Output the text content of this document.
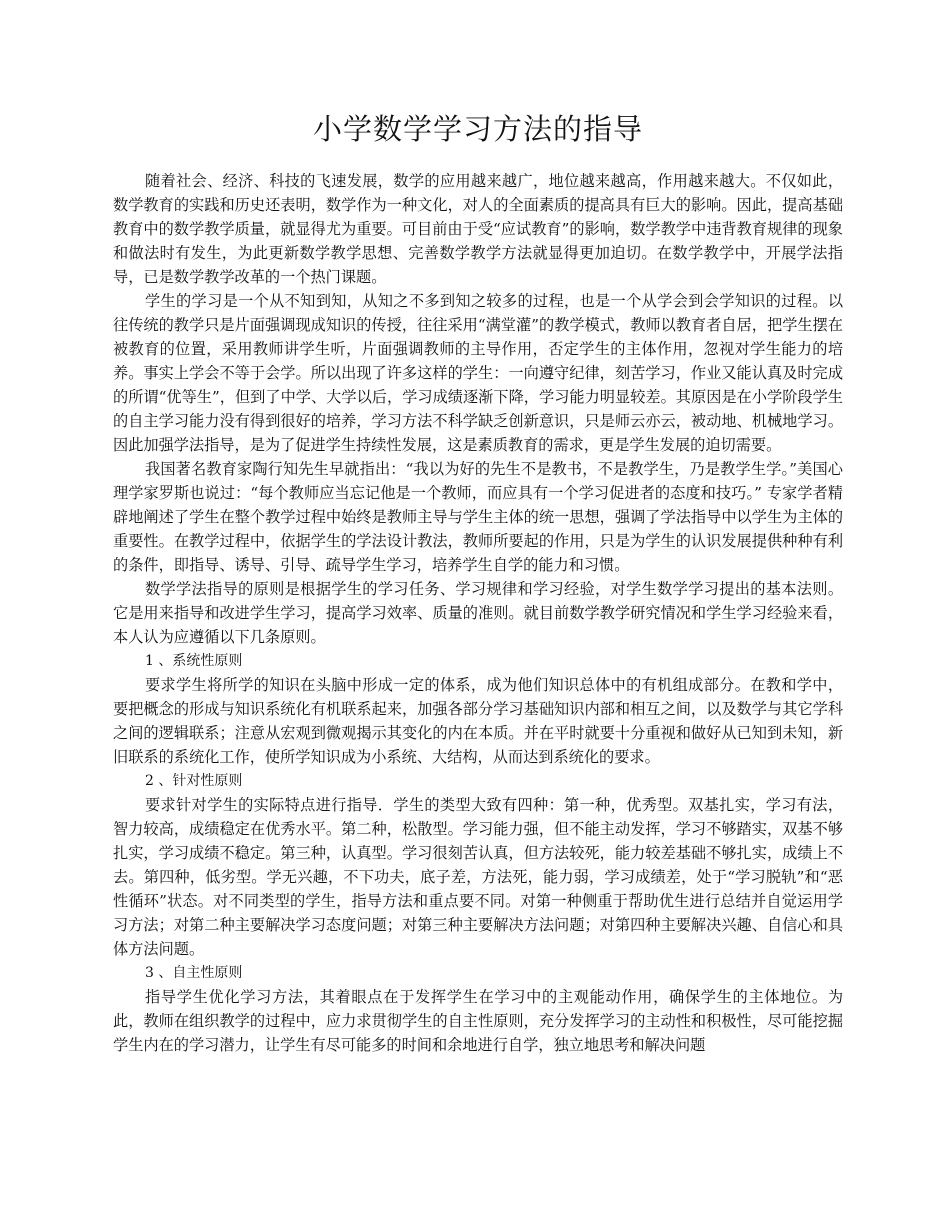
小学数学学习方法的指导

随着社会、经济、科技的飞速发展，数学的应用越来越广，地位越来越高，作用越来越大。不仅如此，数学教育的实践和历史还表明，数学作为一种文化，对人的全面素质的提高具有巨大的影响。因此，提高基础教育中的数学教学质量，就显得尤为重要。可目前由于受“应试教育”的影响，数学教学中违背教育规律的现象和做法时有发生，为此更新数学教学思想、完善数学教学方法就显得更加迫切。在数学教学中，开展学法指导，已是数学教学改革的一个热门课题。

学生的学习是一个从不知到知，从知之不多到知之较多的过程，也是一个从学会到会学知识的过程。以往传统的教学只是片面强调现成知识的传授，往往采用“满堂灌”的教学模式，教师以教育者自居，把学生摆在被教育的位置，采用教师讲学生听，片面强调教师的主导作用，否定学生的主体作用，忽视对学生能力的培养。事实上学会不等于会学。所以出现了许多这样的学生：一向遵守纪律，刻苦学习，作业又能认真及时完成的所谓“优等生”，但到了中学、大学以后，学习成绩逐渐下降，学习能力明显较差。其原因是在小学阶段学生的自主学习能力没有得到很好的培养，学习方法不科学缺乏创新意识，只是师云亦云，被动地、机械地学习。因此加强学法指导，是为了促进学生持续性发展，这是素质教育的需求，更是学生发展的迫切需要。

我国著名教育家陶行知先生早就指出：“我以为好的先生不是教书，不是教学生，乃是教学生学。”美国心理学家罗斯也说过：“每个教师应当忘记他是一个教师，而应具有一个学习促进者的态度和技巧。” 专家学者精辟地阐述了学生在整个教学过程中始终是教师主导与学生主体的统一思想，强调了学法指导中以学生为主体的重要性。在教学过程中，依据学生的学法设计教法，教师所要起的作用，只是为学生的认识发展提供种种有利的条件，即指导、诱导、引导、疏导学生学习，培养学生自学的能力和习惯。

数学学法指导的原则是根据学生的学习任务、学习规律和学习经验，对学生数学学习提出的基本法则。它是用来指导和改进学生学习，提高学习效率、质量的准则。就目前数学教学研究情况和学生学习经验来看，本人认为应遵循以下几条原则。

1 、系统性原则

要求学生将所学的知识在头脑中形成一定的体系，成为他们知识总体中的有机组成部分。在教和学中，要把概念的形成与知识系统化有机联系起来，加强各部分学习基础知识内部和相互之间，以及数学与其它学科之间的逻辑联系；注意从宏观到微观揭示其变化的内在本质。并在平时就要十分重视和做好从已知到未知，新旧联系的系统化工作，使所学知识成为小系统、大结构，从而达到系统化的要求。

2 、针对性原则

要求针对学生的实际特点进行指导．学生的类型大致有四种：第一种，优秀型。双基扎实，学习有法，智力较高，成绩稳定在优秀水平。第二种，松散型。学习能力强，但不能主动发挥，学习不够踏实，双基不够扎实，学习成绩不稳定。第三种，认真型。学习很刻苦认真，但方法较死，能力较差基础不够扎实，成绩上不去。第四种，低劣型。学无兴趣，不下功夫，底子差，方法死，能力弱，学习成绩差，处于“学习脱轨”和“恶性循环”状态。对不同类型的学生，指导方法和重点要不同。对第一种侧重于帮助优生进行总结并自觉运用学习方法；对第二种主要解决学习态度问题；对第三种主要解决方法问题；对第四种主要解决兴趣、自信心和具体方法问题。

3 、自主性原则

指导学生优化学习方法，其着眼点在于发挥学生在学习中的主观能动作用，确保学生的主体地位。为此，教师在组织教学的过程中，应力求贯彻学生的自主性原则，充分发挥学习的主动性和积极性，尽可能挖掘学生内在的学习潜力，让学生有尽可能多的时间和余地进行自学，独立地思考和解决问题
